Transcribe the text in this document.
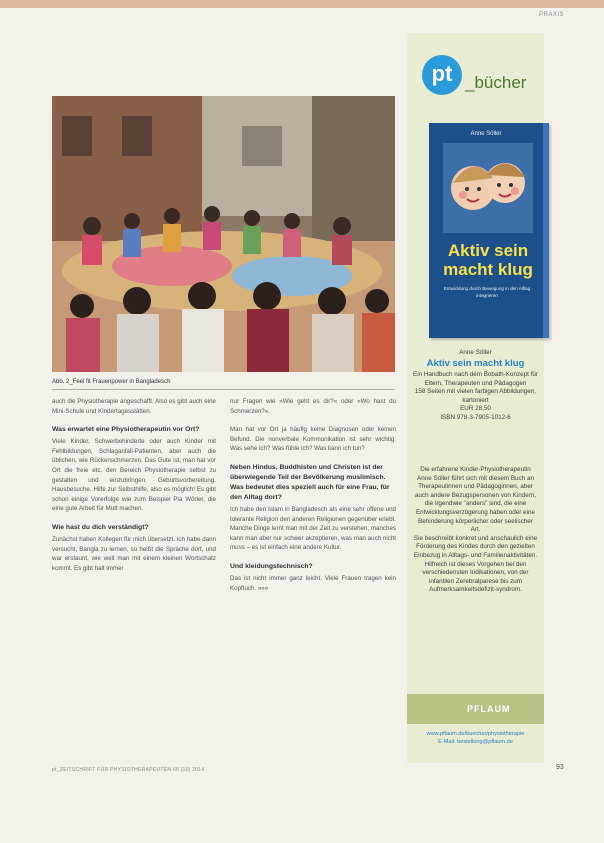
PRAXIS
Abb. 2_Feel fit Frauenpower in Bangladesch

auch die Physiotherapie angeschafft. Also es gibt auch eine Mini-Schule und Kindertagesstätten.

Was erwartet eine Physiotherapeutin vor Ort?

Viele Kinder, Schwerbehinderte oder auch Kinder mit Fehlbildungen, Schlaganfall-Patienten, aber auch die üblichen, wie Rückenschmerzen. Das Gute ist, man hat vor Ort die freie etc. den Bereich Physiotherapie selbst zu gestalten und einzubringen. Geburtsvorbereitung, Hausbesuche. Hilfe zur Selbsthilfe, also es möglich! Es gibt schon einige Vorerfolge wie zum Beispiel Pia Wörler, die eine gute Arbeit für Mutt machen.

Wie hast du dich verständigt?

Zunächst haben Kollegen für mich übersetzt. Ich habe dann versucht, Bangla zu lernen, so heißt die Sprache dort, und war erstaunt, wie weit man mit einem kleinen Wortschatz kommt. Es gibt halt immer

nur Fragen wie »Wie geht es dir?« oder »Wo hast du Schmerzen?«.

Man hat vor Ort ja häufig keine Diagnosen oder keinen Befund. Die nonverbale Kommunikation ist sehr wichtig: Was sehe ich? Was fühle ich? Was kann ich tun?

Neben Hindus, Buddhisten und Christen ist der überwiegende Teil der Bevölkerung muslimisch. Was bedeutet dies speziell auch für eine Frau, für den Alltag dort?

Ich habe den Islam in Bangladesch als eine sehr offene und tolerante Religion den anderen Religionen gegenüber erlebt. Manche Dinge lernt man mit der Zeit zu verstehen, manches kann man aber nur schwer akzeptieren, was man auch nicht muss – es ist einfach eine andere Kultur.

Und kleidungstechnisch?

Das ist nicht immer ganz leicht. Viele Frauen tragen kein Kopftuch. »»»

pt_ZEITSCHRIFT FÜR PHYSIOTHERAPEUTEN 66 [10] 2014	93
pt _bücher
Anne Söller
Aktiv sein macht klug
Entwicklung durch Bewegung in den Alltag integrieren
Anne Söller
Aktiv sein macht klug
Ein Handbuch nach dem Bobath-Konzept für Eltern, Therapeuten und Pädagogen
158 Seiten mit vielen farbigen Abbildungen, kartoniert
EUR 28,50
ISBN 978-3-7905-1012-6
Die erfahrene Kinder-Physiotherapeutin Anne Söller führt sich mit diesem Buch an Therapeutinnen und Pädagoginnen, aber auch andere Bezugspersonen von Kindern, die irgendwie "anders" sind, die eine Entwicklungsverzögerung haben oder eine Behinderung körperlicher oder seelischer Art.
Sie beschreibt konkret und anschaulich eine Förderung des Kindes durch den gezielten Einbezug in Alltags- und Familienaktivitäten. Hilfreich ist dieses Vorgehen bei den verschiedensten Indikationen, von der infantilen Zerebralparese bis zum Aufmerksamkeitsdefizit-syndrom.
PFLAUM
www.pflaum.de/buecher/physiotherapie
E-Mail: bestellung@pflaum.de
